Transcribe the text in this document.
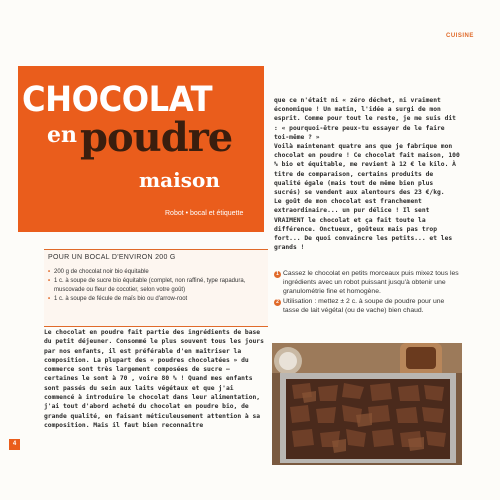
CUISINE
CHOCOLAT
en poudre
maison
Robot • bocal et étiquette
POUR UN BOCAL D'ENVIRON 200 G
• 200 g de chocolat noir bio équitable
• 1 c. à soupe de sucre bio équitable (complet, non raffiné, type rapadura, muscovade ou fleur de cocotier, selon votre goût)
• 1 c. à soupe de fécule de maïs bio ou d'arrow-root

Le chocolat en poudre fait partie des ingrédients de base du petit déjeuner. Consommé le plus souvent tous les jours par nos enfants, il est préférable d'en maîtriser la composition. La plupart des « poudres chocolatées » du commerce sont très largement composées de sucre – certaines le sont à 70 , voire 80 % ! Quand mes enfants sont passés du sein aux laits végétaux et que j'ai commencé à introduire le chocolat dans leur alimentation, j'ai tout d'abord acheté du chocolat en poudre bio, de grande qualité, en faisant méticuleusement attention à sa composition. Mais il faut bien reconnaître

que ce n'était ni « zéro déchet, ni vraiment économique ! Un matin, l'idée a surgi de mon esprit. Comme pour tout le reste, je me suis dit : « pourquoi-être peux-tu essayer de le faire toi-même ? »

Voilà maintenant quatre ans que je fabrique mon chocolat en poudre ! Ce chocolat fait maison, 100 % bio et équitable, me revient à 12 € le kilo. À titre de comparaison, certains produits de qualité égale (mais tout de même bien plus sucrés) se vendent aux alentours des 23 €/kg.

Le goût de mon chocolat est franchement extraordinaire... un pur délice ! Il sent VRAIMENT le chocolat et ça fait toute la différence. Onctueux, goûteux mais pas trop fort... De quoi convaincre les petits... et les grands !

1 Cassez le chocolat en petits morceaux puis mixez tous les ingrédients avec un robot puissant jusqu'à obtenir une granulométrie fine et homogène.
2 Utilisation : mettez ± 2 c. à soupe de poudre pour une tasse de lait végétal (ou de vache) bien chaud.
4
